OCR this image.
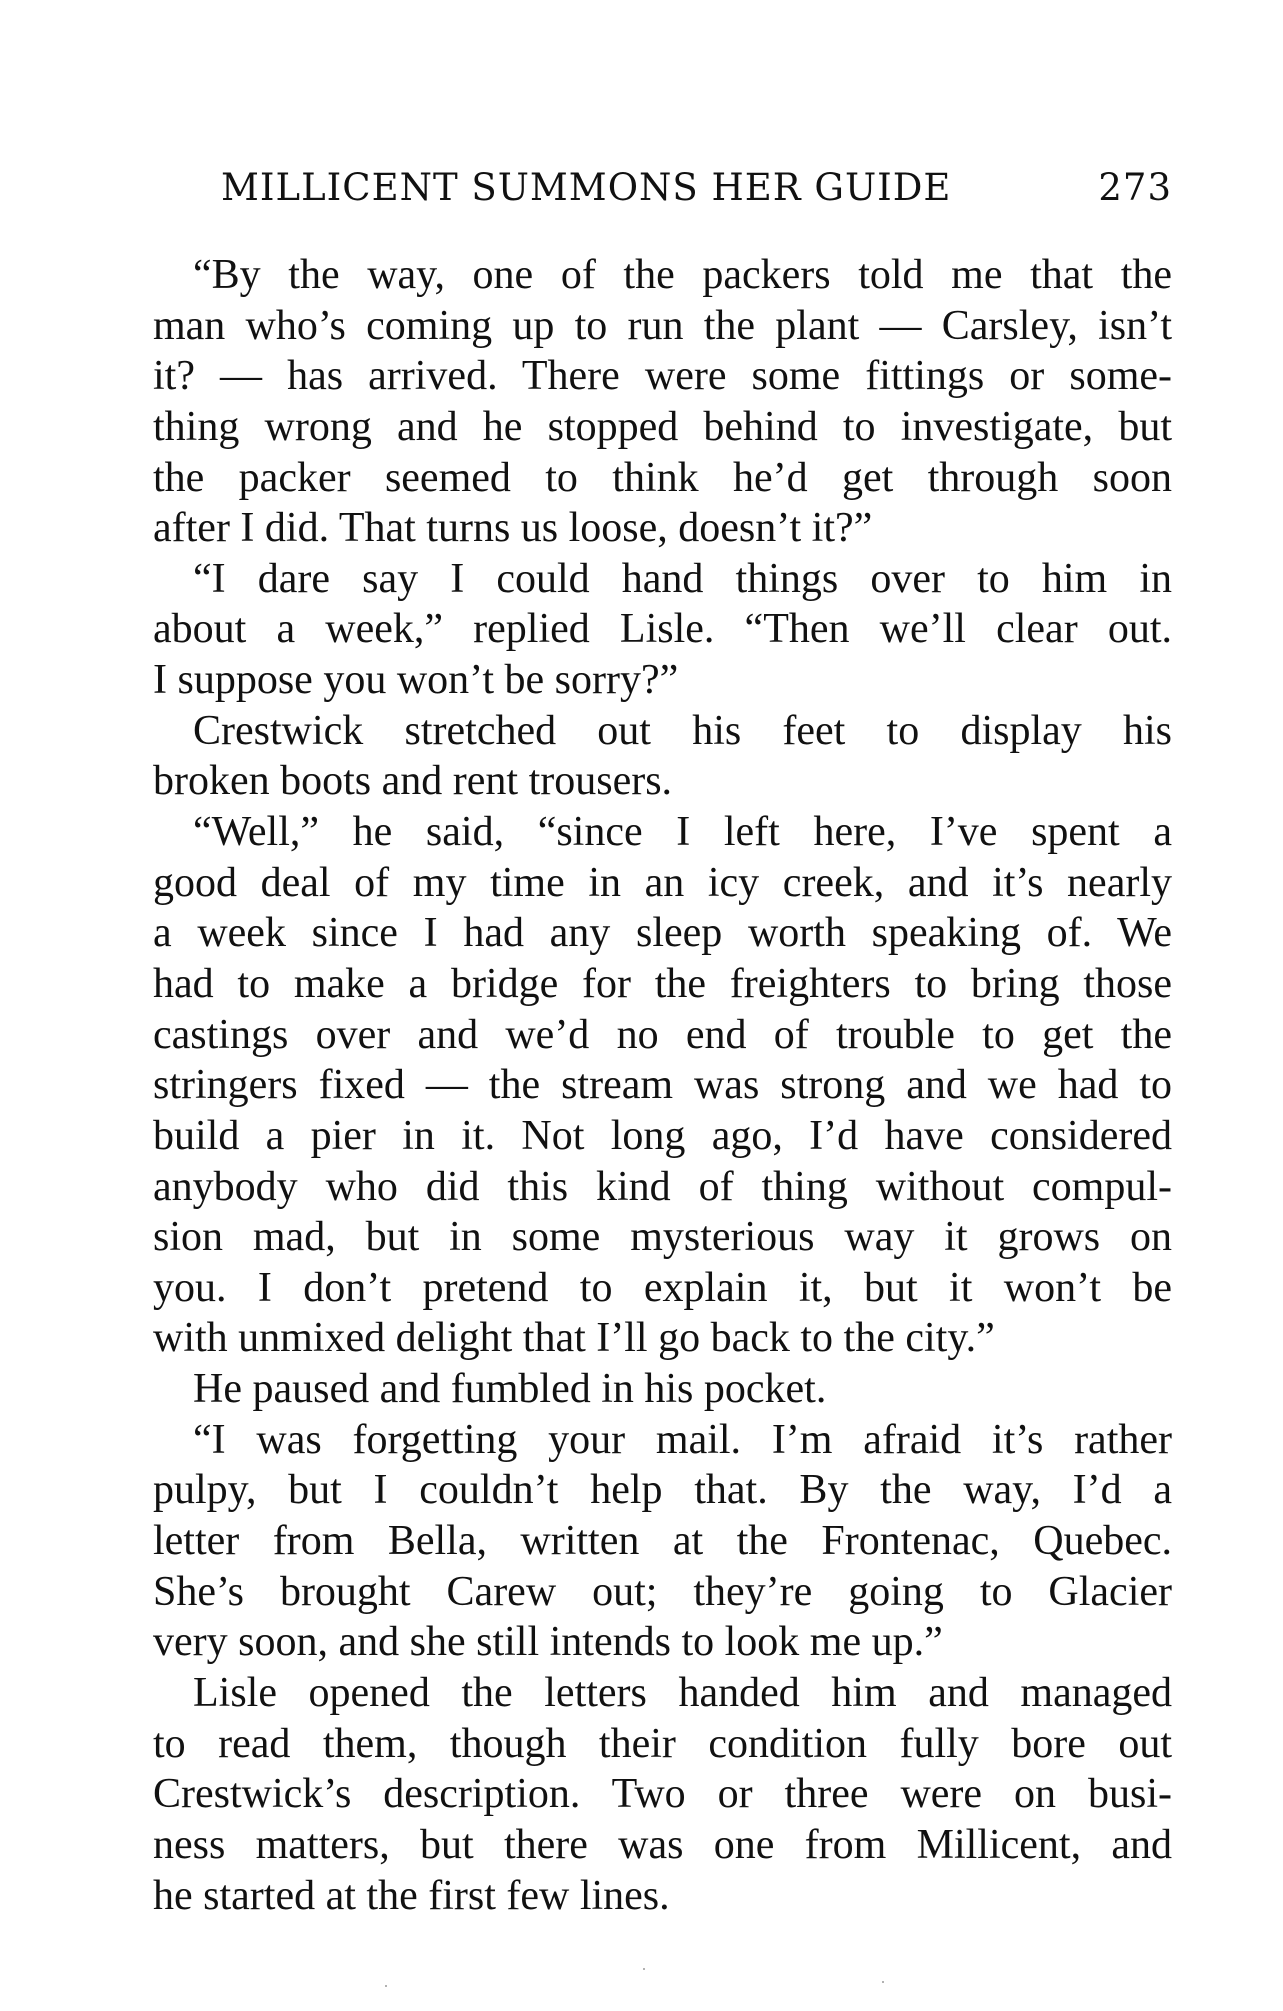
MILLICENT SUMMONS HER GUIDE	273
“By the way, one of the packers told me that the
man who’s coming up to run the plant — Carsley, isn’t
it? — has arrived. There were some fittings or some-
thing wrong and he stopped behind to investigate, but
the packer seemed to think he’d get through soon
after I did. That turns us loose, doesn’t it?”
“I dare say I could hand things over to him in
about a week,” replied Lisle. “Then we’ll clear out.
I suppose you won’t be sorry?”
Crestwick stretched out his feet to display his
broken boots and rent trousers.
“Well,” he said, “since I left here, I’ve spent a
good deal of my time in an icy creek, and it’s nearly
a week since I had any sleep worth speaking of. We
had to make a bridge for the freighters to bring those
castings over and we’d no end of trouble to get the
stringers fixed — the stream was strong and we had to
build a pier in it. Not long ago, I’d have considered
anybody who did this kind of thing without compul-
sion mad, but in some mysterious way it grows on
you. I don’t pretend to explain it, but it won’t be
with unmixed delight that I’ll go back to the city.”
He paused and fumbled in his pocket.
“I was forgetting your mail. I’m afraid it’s rather
pulpy, but I couldn’t help that. By the way, I’d a
letter from Bella, written at the Frontenac, Quebec.
She’s brought Carew out; they’re going to Glacier
very soon, and she still intends to look me up.”
Lisle opened the letters handed him and managed
to read them, though their condition fully bore out
Crestwick’s description. Two or three were on busi-
ness matters, but there was one from Millicent, and
he started at the first few lines.
